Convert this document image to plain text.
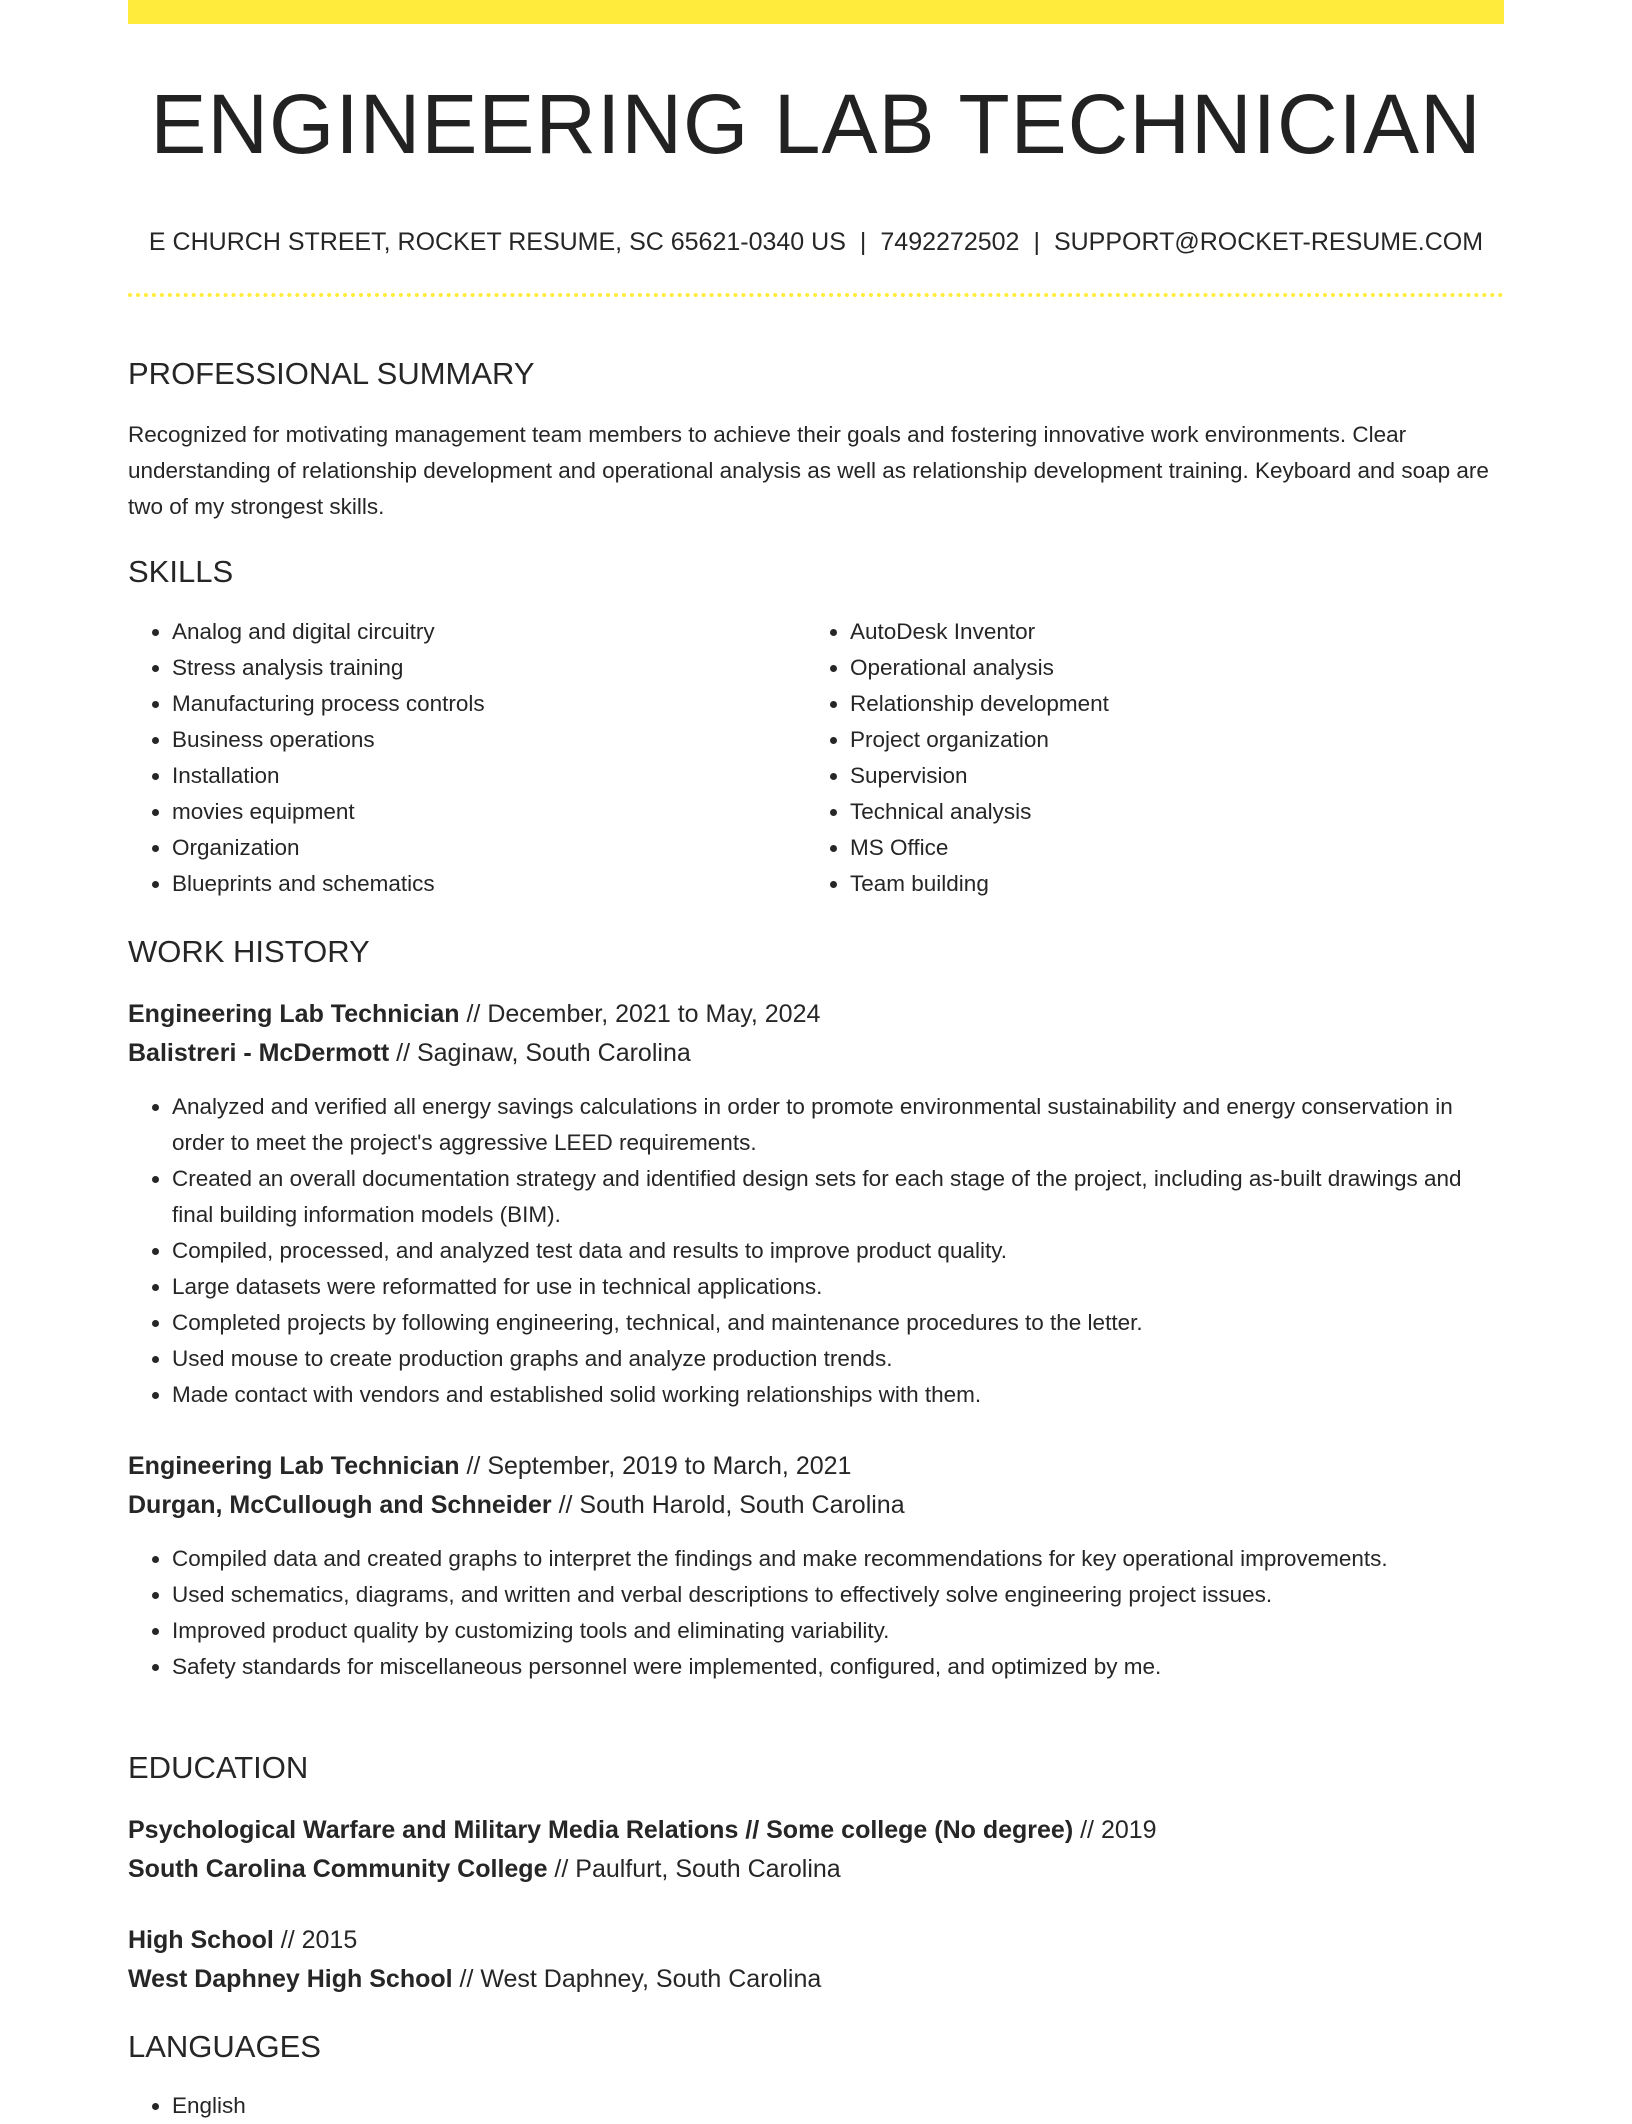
ENGINEERING LAB TECHNICIAN
E CHURCH STREET, ROCKET RESUME, SC 65621-0340 US | 7492272502 | SUPPORT@ROCKET-RESUME.COM
PROFESSIONAL SUMMARY

Recognized for motivating management team members to achieve their goals and fostering innovative work environments. Clear understanding of relationship development and operational analysis as well as relationship development training. Keyboard and soap are two of my strongest skills.

SKILLS
• Analog and digital circuitry
• Stress analysis training
• Manufacturing process controls
• Business operations
• Installation
• movies equipment
• Organization
• Blueprints and schematics
• AutoDesk Inventor
• Operational analysis
• Relationship development
• Project organization
• Supervision
• Technical analysis
• MS Office
• Team building
WORK HISTORY
Engineering Lab Technician // December, 2021 to May, 2024
Balistreri - McDermott // Saginaw, South Carolina
• Analyzed and verified all energy savings calculations in order to promote environmental sustainability and energy conservation in order to meet the project's aggressive LEED requirements.
• Created an overall documentation strategy and identified design sets for each stage of the project, including as-built drawings and final building information models (BIM).
• Compiled, processed, and analyzed test data and results to improve product quality.
• Large datasets were reformatted for use in technical applications.
• Completed projects by following engineering, technical, and maintenance procedures to the letter.
• Used mouse to create production graphs and analyze production trends.
• Made contact with vendors and established solid working relationships with them.
Engineering Lab Technician // September, 2019 to March, 2021
Durgan, McCullough and Schneider // South Harold, South Carolina
• Compiled data and created graphs to interpret the findings and make recommendations for key operational improvements.
• Used schematics, diagrams, and written and verbal descriptions to effectively solve engineering project issues.
• Improved product quality by customizing tools and eliminating variability.
• Safety standards for miscellaneous personnel were implemented, configured, and optimized by me.
EDUCATION
Psychological Warfare and Military Media Relations // Some college (No degree) // 2019
South Carolina Community College // Paulfurt, South Carolina
High School // 2015
West Daphney High School // West Daphney, South Carolina
LANGUAGES
• English
